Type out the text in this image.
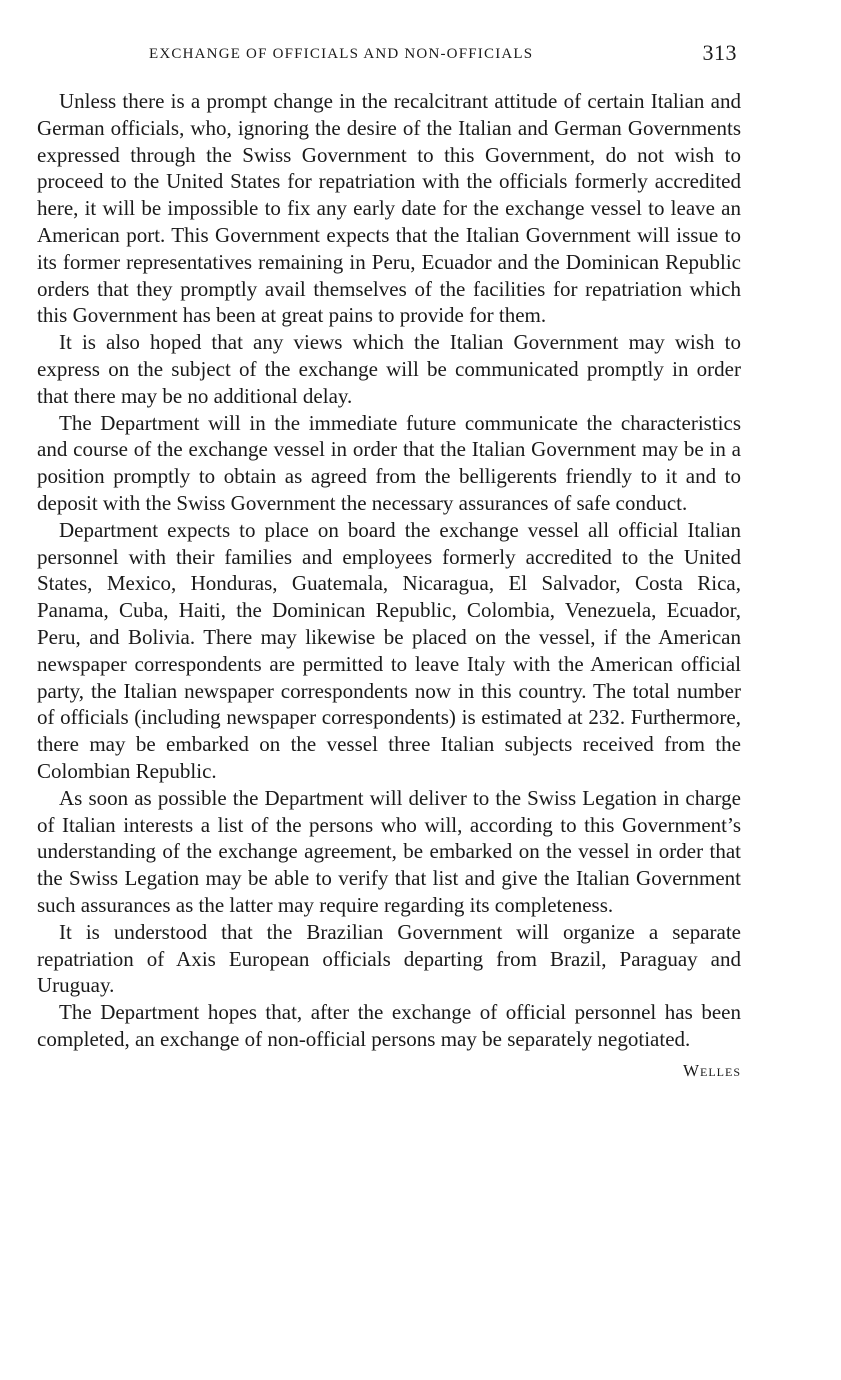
EXCHANGE OF OFFICIALS AND NON-OFFICIALS	313

Unless there is a prompt change in the recalcitrant attitude of certain Italian and German officials, who, ignoring the desire of the Italian and German Governments expressed through the Swiss Government to this Government, do not wish to proceed to the United States for repatriation with the officials formerly accredited here, it will be impossible to fix any early date for the exchange vessel to leave an American port. This Government expects that the Italian Government will issue to its former representatives remaining in Peru, Ecuador and the Dominican Republic orders that they promptly avail themselves of the facilities for repatriation which this Government has been at great pains to provide for them.

It is also hoped that any views which the Italian Government may wish to express on the subject of the exchange will be communicated promptly in order that there may be no additional delay.

The Department will in the immediate future communicate the characteristics and course of the exchange vessel in order that the Italian Government may be in a position promptly to obtain as agreed from the belligerents friendly to it and to deposit with the Swiss Government the necessary assurances of safe conduct.

Department expects to place on board the exchange vessel all official Italian personnel with their families and employees formerly accredited to the United States, Mexico, Honduras, Guatemala, Nicaragua, El Salvador, Costa Rica, Panama, Cuba, Haiti, the Dominican Republic, Colombia, Venezuela, Ecuador, Peru, and Bolivia. There may likewise be placed on the vessel, if the American newspaper correspondents are permitted to leave Italy with the American official party, the Italian newspaper correspondents now in this country. The total number of officials (including newspaper correspondents) is estimated at 232. Furthermore, there may be embarked on the vessel three Italian subjects received from the Colombian Republic.

As soon as possible the Department will deliver to the Swiss Legation in charge of Italian interests a list of the persons who will, according to this Government’s understanding of the exchange agreement, be embarked on the vessel in order that the Swiss Legation may be able to verify that list and give the Italian Government such assurances as the latter may require regarding its completeness.

It is understood that the Brazilian Government will organize a separate repatriation of Axis European officials departing from Brazil, Paraguay and Uruguay.

The Department hopes that, after the exchange of official personnel has been completed, an exchange of non-official persons may be separately negotiated.

Welles
